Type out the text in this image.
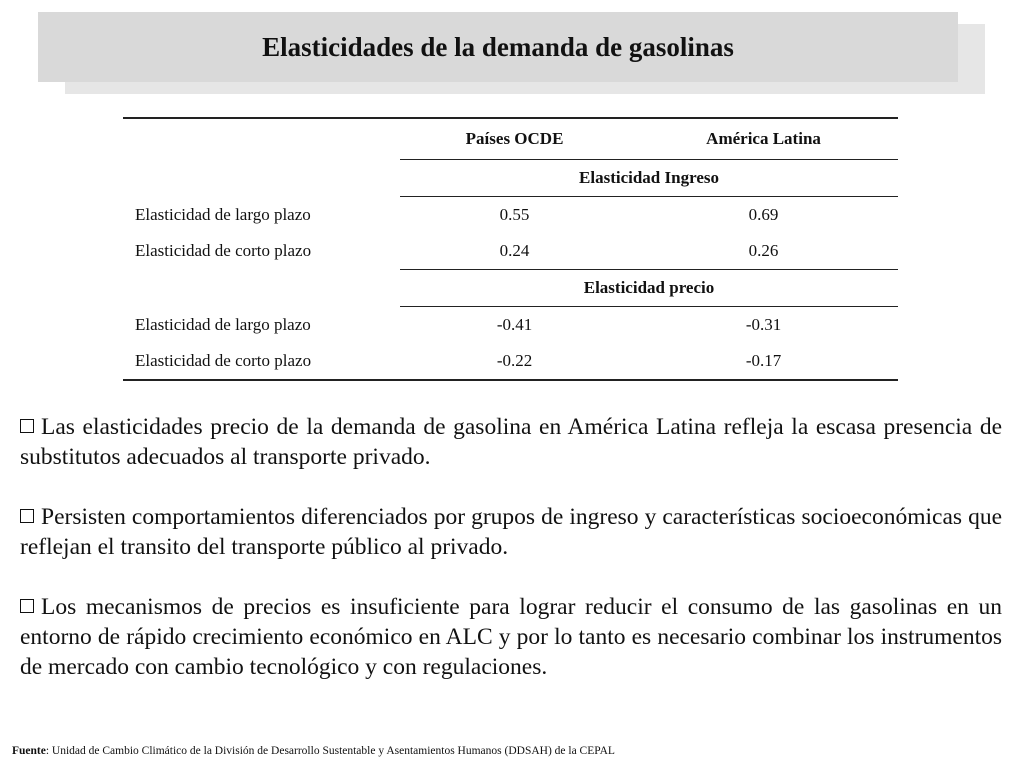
Elasticidades de la demanda de gasolinas
	Países OCDE	América Latina
	Elasticidad Ingreso	
Elasticidad de largo plazo	0.55	0.69
Elasticidad de corto plazo	0.24	0.26
	Elasticidad precio	
Elasticidad de largo plazo	-0.41	-0.31
Elasticidad de corto plazo	-0.22	-0.17

Las elasticidades precio de la demanda de gasolina en América Latina refleja la escasa presencia de substitutos adecuados al transporte privado.

Persisten comportamientos diferenciados por grupos de ingreso y características socioeconómicas que reflejan el transito del transporte público al privado.

Los mecanismos de precios es insuficiente para lograr reducir el consumo de las gasolinas en un entorno de rápido crecimiento económico en ALC y por lo tanto es necesario combinar los instrumentos de mercado con cambio tecnológico y con regulaciones.

Fuente: Unidad de Cambio Climático de la División de Desarrollo Sustentable y Asentamientos Humanos (DDSAH) de la CEPAL
